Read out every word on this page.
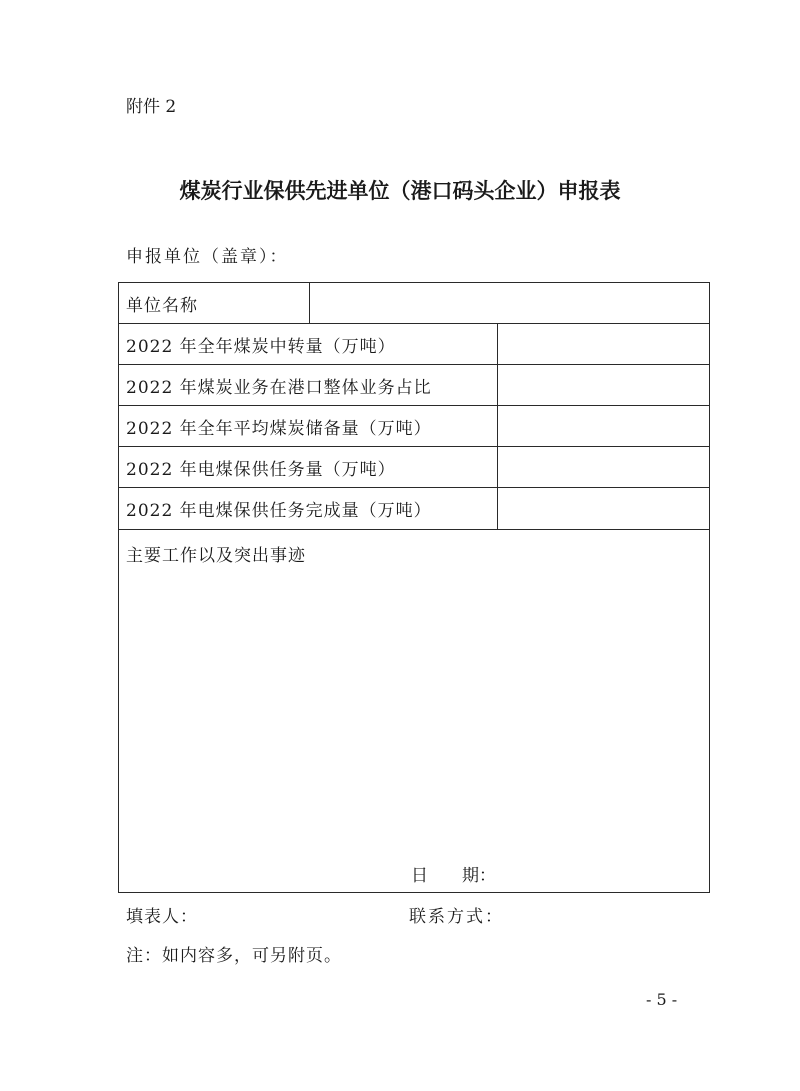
附件 2
煤炭行业保供先进单位（港口码头企业）申报表
申报单位（盖章）：
单位名称
2022 年全年煤炭中转量（万吨）
2022 年煤炭业务在港口整体业务占比
2022 年全年平均煤炭储备量（万吨）
2022 年电煤保供任务量（万吨）
2022 年电煤保供任务完成量（万吨）
主要工作以及突出事迹
日 期：
填表人：	联系方式：
注：如内容多，可另附页。
- 5 -
